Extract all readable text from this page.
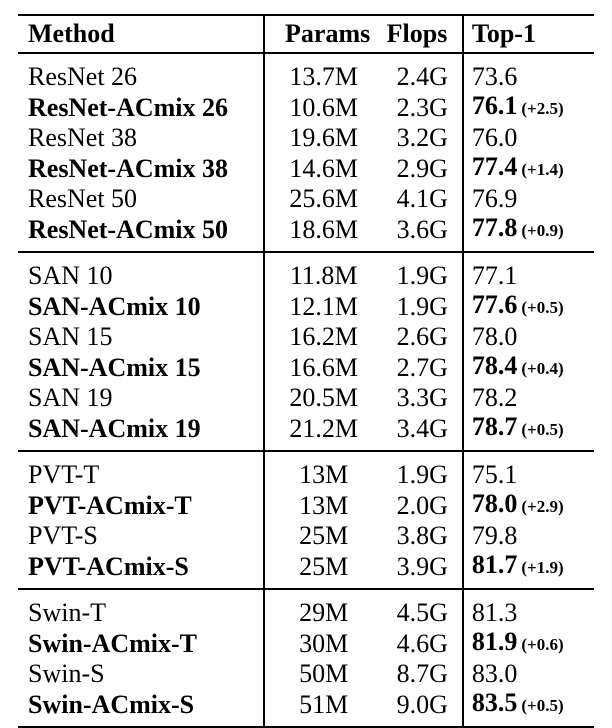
Method	Params	Flops	Top-1
ResNet 26	13.7M	2.4G	73.6
ResNet-ACmix 26	10.6M	2.3G	76.1 (+2.5)
ResNet 38	19.6M	3.2G	76.0
ResNet-ACmix 38	14.6M	2.9G	77.4 (+1.4)
ResNet 50	25.6M	4.1G	76.9
ResNet-ACmix 50	18.6M	3.6G	77.8 (+0.9)
SAN 10	11.8M	1.9G	77.1
SAN-ACmix 10	12.1M	1.9G	77.6 (+0.5)
SAN 15	16.2M	2.6G	78.0
SAN-ACmix 15	16.6M	2.7G	78.4 (+0.4)
SAN 19	20.5M	3.3G	78.2
SAN-ACmix 19	21.2M	3.4G	78.7 (+0.5)
PVT-T	13M	1.9G	75.1
PVT-ACmix-T	13M	2.0G	78.0 (+2.9)
PVT-S	25M	3.8G	79.8
PVT-ACmix-S	25M	3.9G	81.7 (+1.9)
Swin-T	29M	4.5G	81.3
Swin-ACmix-T	30M	4.6G	81.9 (+0.6)
Swin-S	50M	8.7G	83.0
Swin-ACmix-S	51M	9.0G	83.5 (+0.5)
